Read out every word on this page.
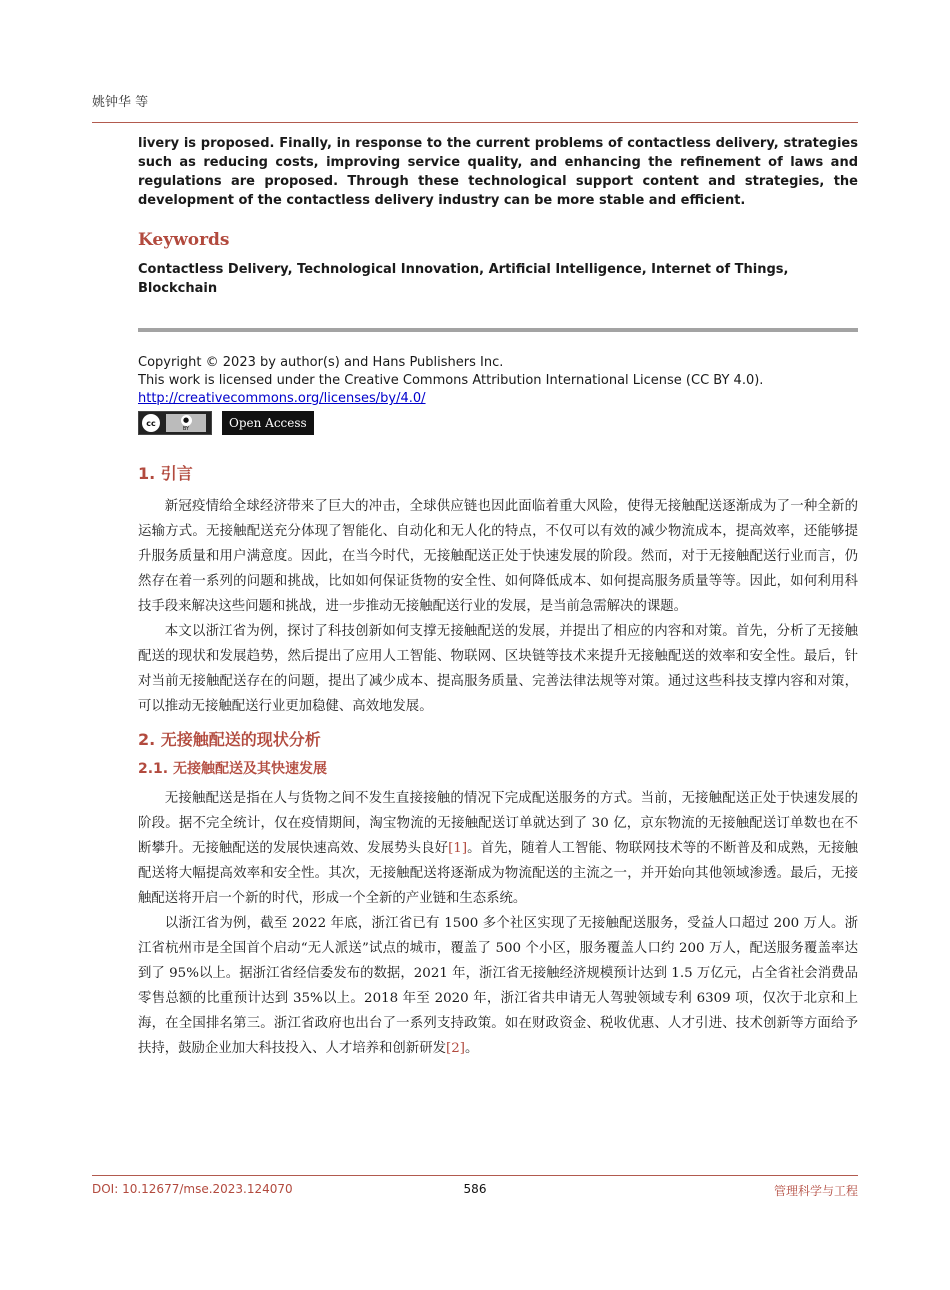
姚钟华 等

livery is proposed. Finally, in response to the current problems of contactless delivery, strategies such as reducing costs, improving service quality, and enhancing the refinement of laws and regulations are proposed. Through these technological support content and strategies, the development of the contactless delivery industry can be more stable and efficient.

Keywords

Contactless Delivery, Technological Innovation, Artificial Intelligence, Internet of Things, Blockchain

Copyright © 2023 by author(s) and Hans Publishers Inc.
This work is licensed under the Creative Commons Attribution International License (CC BY 4.0).
http://creativecommons.org/licenses/by/4.0/

cc	●
BY	Open Access
1. 引言

新冠疫情给全球经济带来了巨大的冲击，全球供应链也因此面临着重大风险，使得无接触配送逐渐成为了一种全新的运输方式。无接触配送充分体现了智能化、自动化和无人化的特点，不仅可以有效的减少物流成本，提高效率，还能够提升服务质量和用户满意度。因此，在当今时代，无接触配送正处于快速发展的阶段。然而，对于无接触配送行业而言，仍然存在着一系列的问题和挑战，比如如何保证货物的安全性、如何降低成本、如何提高服务质量等等。因此，如何利用科技手段来解决这些问题和挑战，进一步推动无接触配送行业的发展，是当前急需解决的课题。

本文以浙江省为例，探讨了科技创新如何支撑无接触配送的发展，并提出了相应的内容和对策。首先，分析了无接触配送的现状和发展趋势，然后提出了应用人工智能、物联网、区块链等技术来提升无接触配送的效率和安全性。最后，针对当前无接触配送存在的问题，提出了减少成本、提高服务质量、完善法律法规等对策。通过这些科技支撑内容和对策，可以推动无接触配送行业更加稳健、高效地发展。

2. 无接触配送的现状分析
2.1. 无接触配送及其快速发展

无接触配送是指在人与货物之间不发生直接接触的情况下完成配送服务的方式。当前，无接触配送正处于快速发展的阶段。据不完全统计，仅在疫情期间，淘宝物流的无接触配送订单就达到了 30 亿，京东物流的无接触配送订单数也在不断攀升。无接触配送的发展快速高效、发展势头良好[1]。首先，随着人工智能、物联网技术等的不断普及和成熟，无接触配送将大幅提高效率和安全性。其次，无接触配送将逐渐成为物流配送的主流之一，并开始向其他领域渗透。最后，无接触配送将开启一个新的时代，形成一个全新的产业链和生态系统。

以浙江省为例，截至 2022 年底，浙江省已有 1500 多个社区实现了无接触配送服务，受益人口超过 200 万人。浙江省杭州市是全国首个启动“无人派送”试点的城市，覆盖了 500 个小区，服务覆盖人口约 200 万人，配送服务覆盖率达到了 95%以上。据浙江省经信委发布的数据，2021 年，浙江省无接触经济规模预计达到 1.5 万亿元，占全省社会消费品零售总额的比重预计达到 35%以上。2018 年至 2020 年，浙江省共申请无人驾驶领域专利 6309 项，仅次于北京和上海，在全国排名第三。浙江省政府也出台了一系列支持政策。如在财政资金、税收优惠、人才引进、技术创新等方面给予扶持，鼓励企业加大科技投入、人才培养和创新研发[2]。

DOI: 10.12677/mse.2023.124070	586	管理科学与工程
